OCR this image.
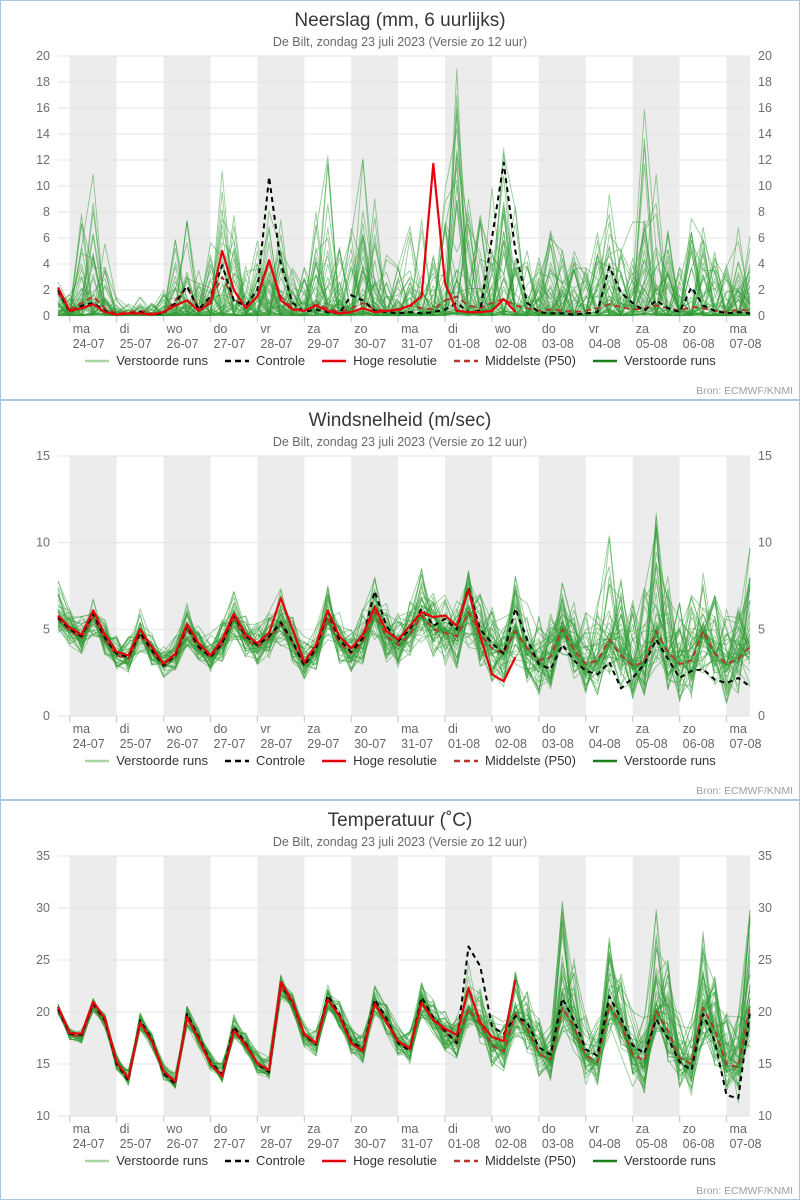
Neerslag (mm, 6 uurlijks)
De Bilt, zondag 23 juli 2023 (Versie zo 12 uur)
0	0
2	2
4	4
6	6
8	8
10	10
12	12
14	14
16	16
18	18
20	20
ma
24-07
di
25-07
wo
26-07
do
27-07
vr
28-07
za
29-07
zo
30-07
ma
31-07
di
01-08
wo
02-08
do
03-08
vr
04-08
za
05-08
zo
06-08
ma
07-08
Verstoorde runs	Controle	Hoge resolutie	Middelste (P50)	Verstoorde runs
Bron: ECMWF/KNMI
Windsnelheid (m/sec)
De Bilt, zondag 23 juli 2023 (Versie zo 12 uur)
0	0
5	5
10	10
15	15
ma
24-07
di
25-07
wo
26-07
do
27-07
vr
28-07
za
29-07
zo
30-07
ma
31-07
di
01-08
wo
02-08
do
03-08
vr
04-08
za
05-08
zo
06-08
ma
07-08
Verstoorde runs	Controle	Hoge resolutie	Middelste (P50)	Verstoorde runs
Bron: ECMWF/KNMI
Temperatuur (˚C)
De Bilt, zondag 23 juli 2023 (Versie zo 12 uur)
10	10
15	15
20	20
25	25
30	30
35	35
ma
24-07
di
25-07
wo
26-07
do
27-07
vr
28-07
za
29-07
zo
30-07
ma
31-07
di
01-08
wo
02-08
do
03-08
vr
04-08
za
05-08
zo
06-08
ma
07-08
Verstoorde runs	Controle	Hoge resolutie	Middelste (P50)	Verstoorde runs
Bron: ECMWF/KNMI
